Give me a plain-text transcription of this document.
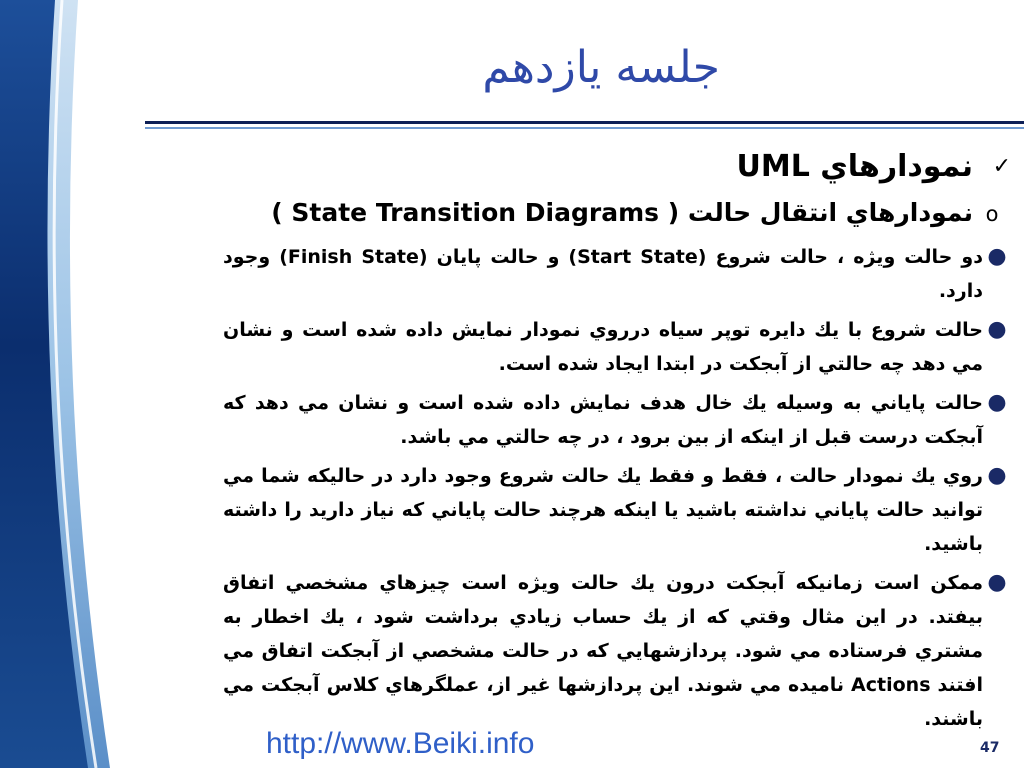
جلسه يازدهم
✓
نمودارهاي

UML
o
نمودارهاي انتقال حالت (

State Transition Diagrams

)
●
دو حالت ويژه ، حالت شروع (Start State) و حالت پايان (Finish State) وجود دارد.
●
حالت شروع با يك دايره توپر سياه درروي نمودار نمايش داده شده است و نشان مي دهد چه حالتي از آبجكت در ابتدا ايجاد شده است.
●
حالت پاياني به وسيله يك خال هدف نمايش داده شده است و نشان مي دهد كه آبجكت درست قبل از اينكه از بين برود ، در چه حالتي مي باشد.
●
روي يك نمودار حالت ، فقط و فقط يك حالت شروع وجود دارد در حاليكه شما مي توانيد حالت پاياني نداشته باشيد يا اينكه هرچند حالت پاياني كه نياز داريد را داشته باشيد.
●
ممكن است زمانيكه آبجكت درون يك حالت ويژه است چيزهاي مشخصي اتفاق بيفتد. در اين مثال وقتي كه از يك حساب زيادي برداشت شود ، يك اخطار به مشتري فرستاده مي شود. پردازشهايي كه در حالت مشخصي از آبجكت اتفاق مي افتند Actions ناميده مي شوند. اين پردازشها غير از، عملگرهاي كلاس آبجكت مي باشند.
http://www.Beiki.info	47
